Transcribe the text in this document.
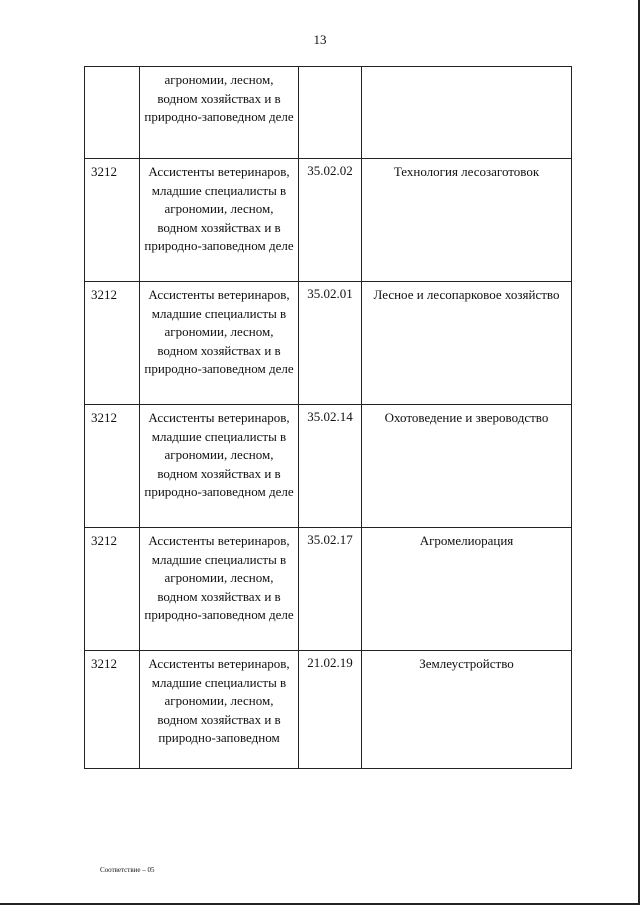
13
	агрономии, лесном, водном хозяйствах и в природно-заповедном деле		
3212	Ассистенты ветеринаров, младшие специалисты в агрономии, лесном, водном хозяйствах и в природно-заповедном деле	35.02.02	Технология лесозаготовок
3212	Ассистенты ветеринаров, младшие специалисты в агрономии, лесном, водном хозяйствах и в природно-заповедном деле	35.02.01	Лесное и лесопарковое хозяйство
3212	Ассистенты ветеринаров, младшие специалисты в агрономии, лесном, водном хозяйствах и в природно-заповедном деле	35.02.14	Охотоведение и звероводство
3212	Ассистенты ветеринаров, младшие специалисты в агрономии, лесном, водном хозяйствах и в природно-заповедном деле	35.02.17	Агромелиорация
3212	Ассистенты ветеринаров, младшие специалисты в агрономии, лесном, водном хозяйствах и в природно-заповедном	21.02.19	Землеустройство
Соответствие – 05
